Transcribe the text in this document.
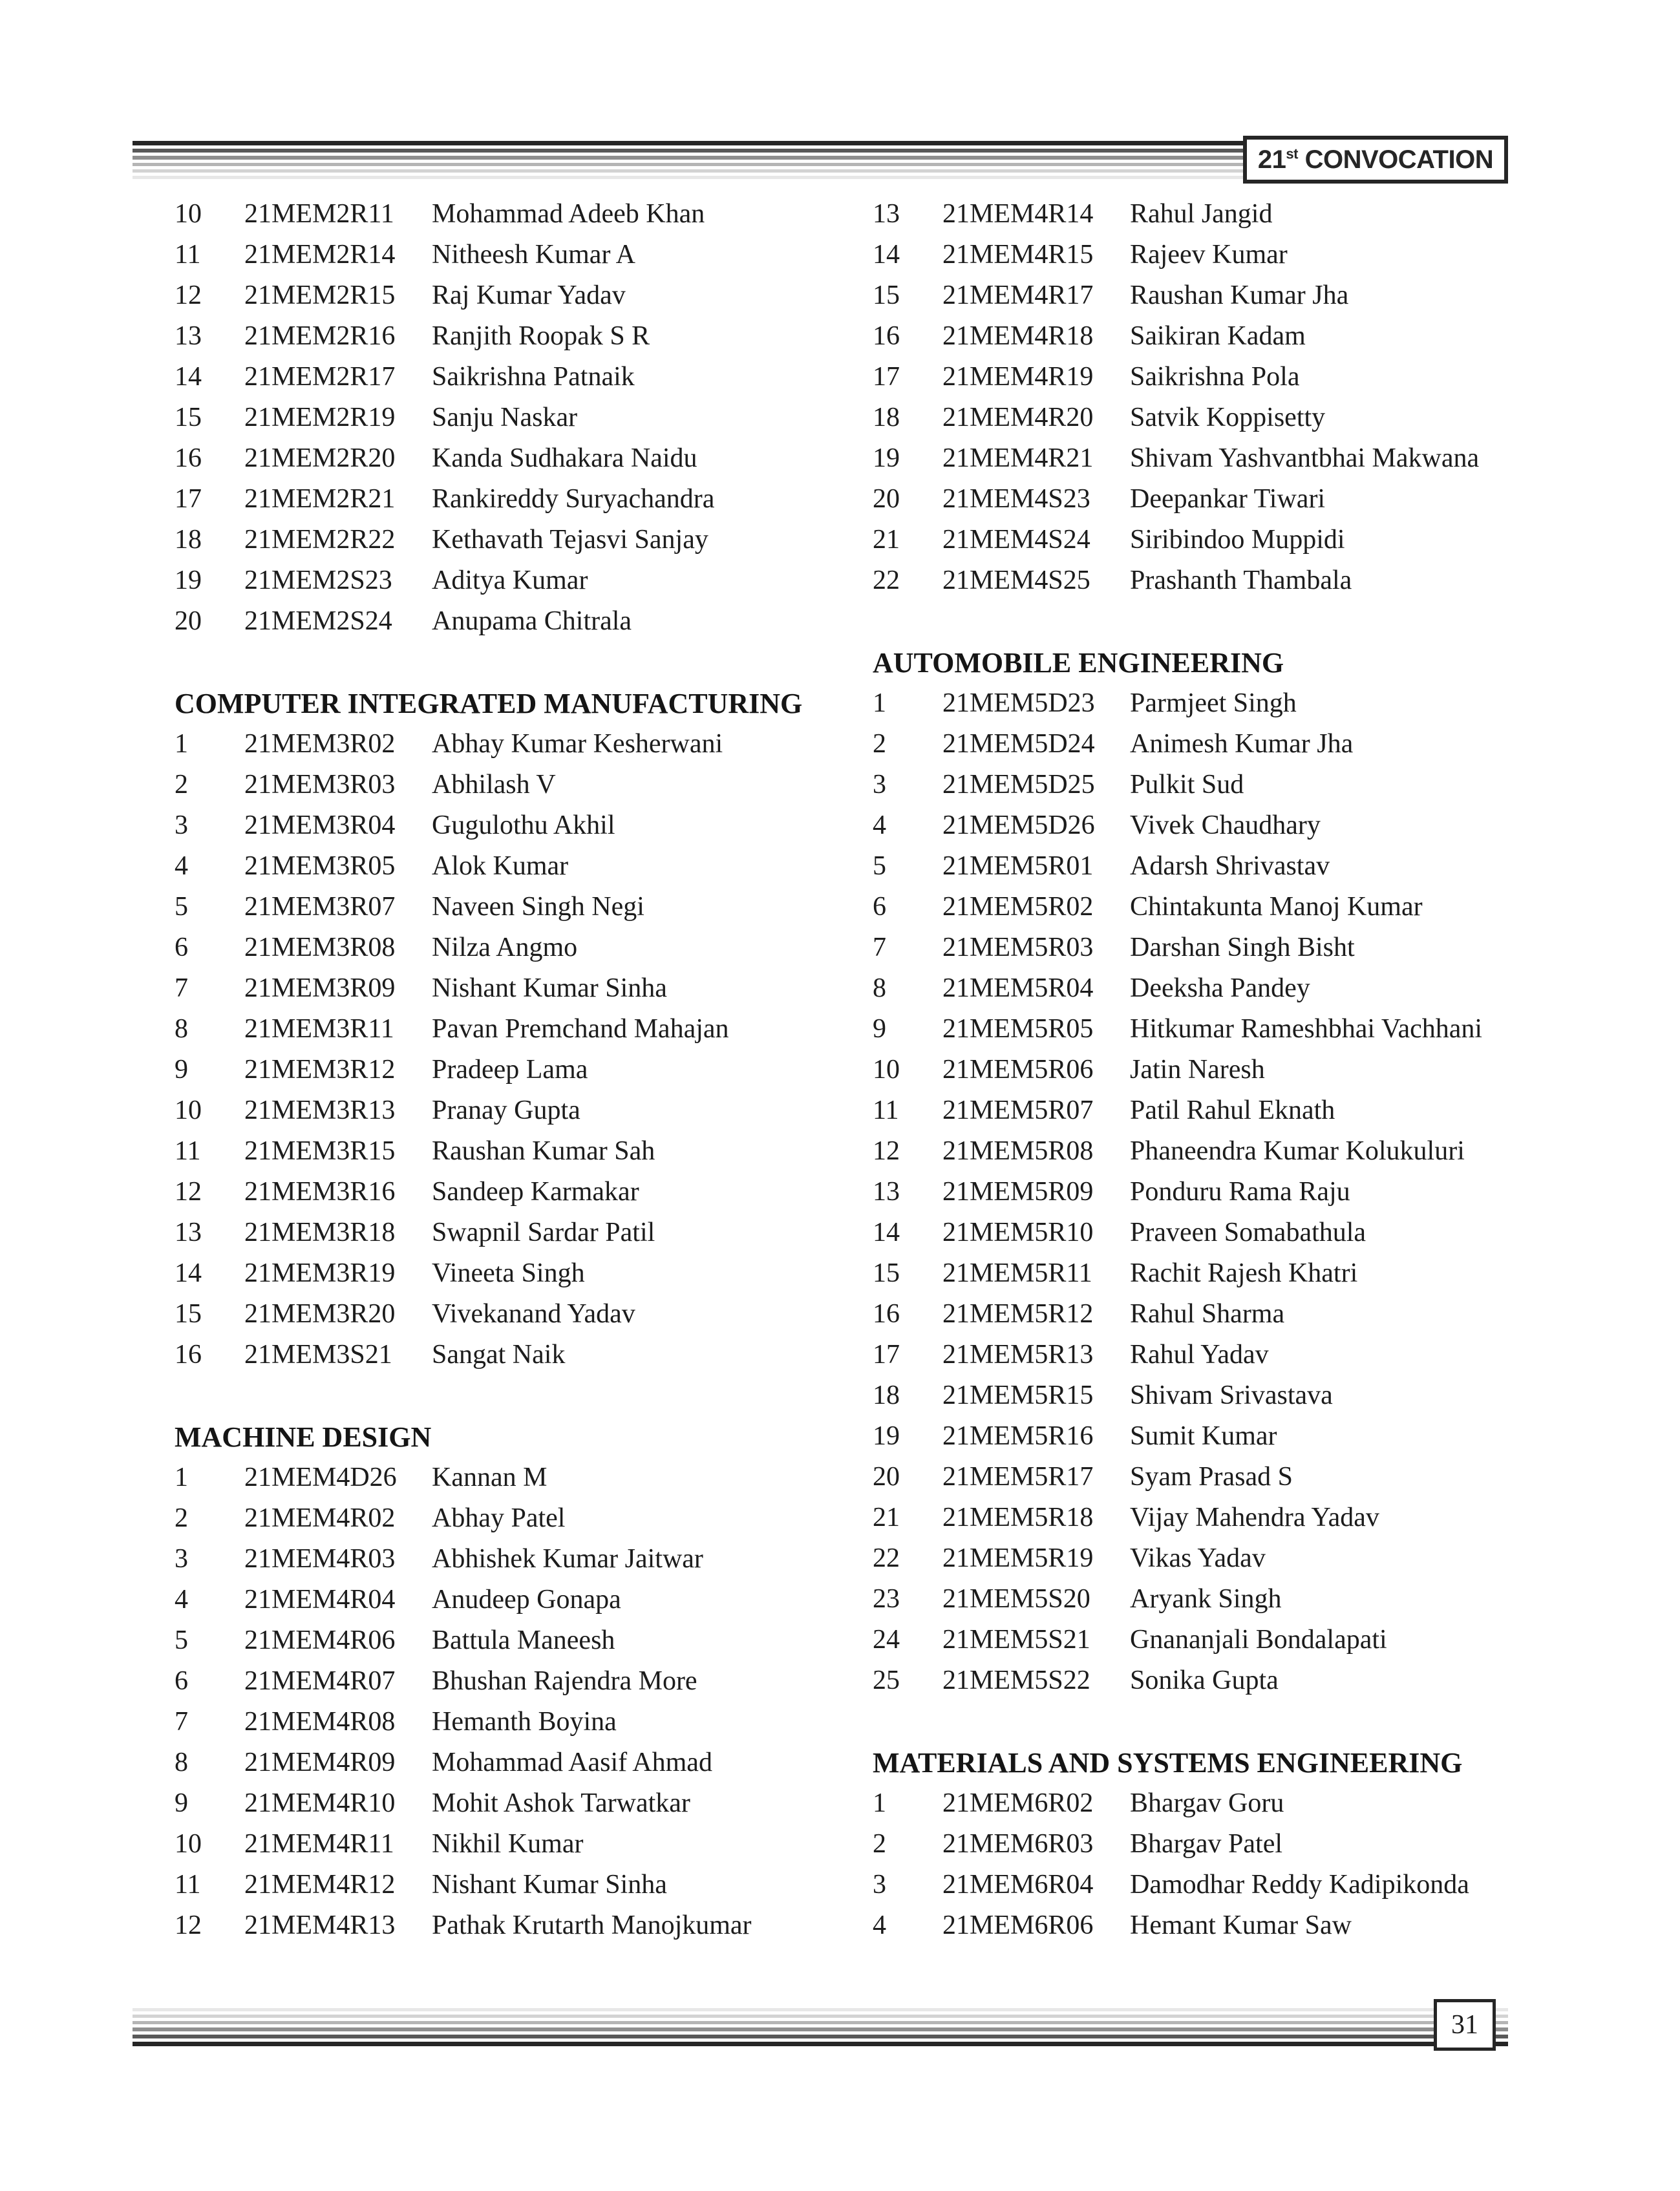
21st CONVOCATION
10	21MEM2R11	Mohammad Adeeb Khan
11	21MEM2R14	Nitheesh Kumar A
12	21MEM2R15	Raj Kumar Yadav
13	21MEM2R16	Ranjith Roopak S R
14	21MEM2R17	Saikrishna Patnaik
15	21MEM2R19	Sanju Naskar
16	21MEM2R20	Kanda Sudhakara Naidu
17	21MEM2R21	Rankireddy Suryachandra
18	21MEM2R22	Kethavath Tejasvi Sanjay
19	21MEM2S23	Aditya Kumar
20	21MEM2S24	Anupama Chitrala
COMPUTER INTEGRATED MANUFACTURING
1	21MEM3R02	Abhay Kumar Kesherwani
2	21MEM3R03	Abhilash V
3	21MEM3R04	Gugulothu Akhil
4	21MEM3R05	Alok Kumar
5	21MEM3R07	Naveen Singh Negi
6	21MEM3R08	Nilza Angmo
7	21MEM3R09	Nishant Kumar Sinha
8	21MEM3R11	Pavan Premchand Mahajan
9	21MEM3R12	Pradeep Lama
10	21MEM3R13	Pranay Gupta
11	21MEM3R15	Raushan Kumar Sah
12	21MEM3R16	Sandeep Karmakar
13	21MEM3R18	Swapnil Sardar Patil
14	21MEM3R19	Vineeta Singh
15	21MEM3R20	Vivekanand Yadav
16	21MEM3S21	Sangat Naik
MACHINE DESIGN
1	21MEM4D26	Kannan M
2	21MEM4R02	Abhay Patel
3	21MEM4R03	Abhishek Kumar Jaitwar
4	21MEM4R04	Anudeep Gonapa
5	21MEM4R06	Battula Maneesh
6	21MEM4R07	Bhushan Rajendra More
7	21MEM4R08	Hemanth Boyina
8	21MEM4R09	Mohammad Aasif Ahmad
9	21MEM4R10	Mohit Ashok Tarwatkar
10	21MEM4R11	Nikhil Kumar
11	21MEM4R12	Nishant Kumar Sinha
12	21MEM4R13	Pathak Krutarth Manojkumar
13	21MEM4R14	Rahul Jangid
14	21MEM4R15	Rajeev Kumar
15	21MEM4R17	Raushan Kumar Jha
16	21MEM4R18	Saikiran Kadam
17	21MEM4R19	Saikrishna Pola
18	21MEM4R20	Satvik Koppisetty
19	21MEM4R21	Shivam Yashvantbhai Makwana
20	21MEM4S23	Deepankar Tiwari
21	21MEM4S24	Siribindoo Muppidi
22	21MEM4S25	Prashanth Thambala
AUTOMOBILE ENGINEERING
1	21MEM5D23	Parmjeet Singh
2	21MEM5D24	Animesh Kumar Jha
3	21MEM5D25	Pulkit Sud
4	21MEM5D26	Vivek Chaudhary
5	21MEM5R01	Adarsh Shrivastav
6	21MEM5R02	Chintakunta Manoj Kumar
7	21MEM5R03	Darshan Singh Bisht
8	21MEM5R04	Deeksha Pandey
9	21MEM5R05	Hitkumar Rameshbhai Vachhani
10	21MEM5R06	Jatin Naresh
11	21MEM5R07	Patil Rahul Eknath
12	21MEM5R08	Phaneendra Kumar Kolukuluri
13	21MEM5R09	Ponduru Rama Raju
14	21MEM5R10	Praveen Somabathula
15	21MEM5R11	Rachit Rajesh Khatri
16	21MEM5R12	Rahul Sharma
17	21MEM5R13	Rahul Yadav
18	21MEM5R15	Shivam Srivastava
19	21MEM5R16	Sumit Kumar
20	21MEM5R17	Syam Prasad S
21	21MEM5R18	Vijay Mahendra Yadav
22	21MEM5R19	Vikas Yadav
23	21MEM5S20	Aryank Singh
24	21MEM5S21	Gnananjali Bondalapati
25	21MEM5S22	Sonika Gupta
MATERIALS AND SYSTEMS ENGINEERING
1	21MEM6R02	Bhargav Goru
2	21MEM6R03	Bhargav Patel
3	21MEM6R04	Damodhar Reddy Kadipikonda
4	21MEM6R06	Hemant Kumar Saw
31
